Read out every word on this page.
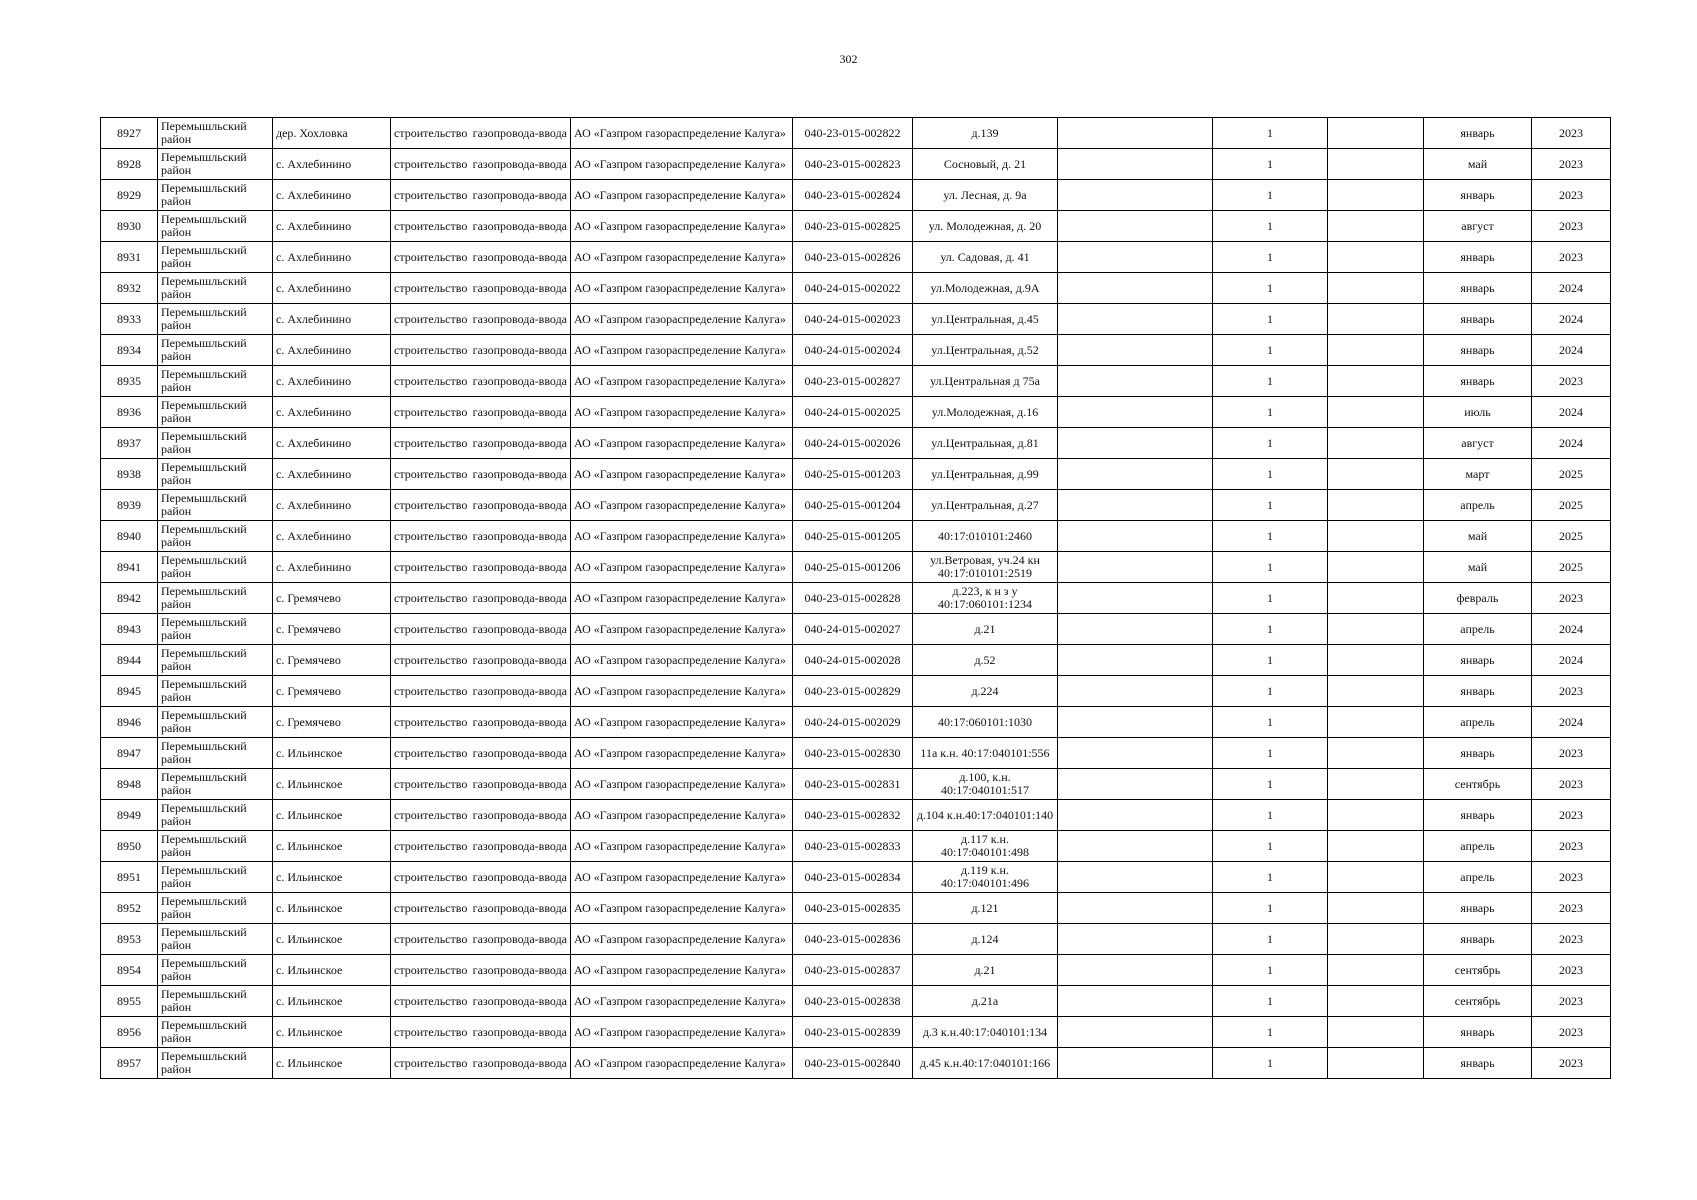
302
8927	Перемышльский район	дер. Хохловка	строительство газопровода-ввода	АО «Газпром газораспределение Калуга»	040-23-015-002822	д.139		1		январь	2023
8928	Перемышльский район	с. Ахлебинино	строительство газопровода-ввода	АО «Газпром газораспределение Калуга»	040-23-015-002823	Сосновый, д. 21		1		май	2023
8929	Перемышльский район	с. Ахлебинино	строительство газопровода-ввода	АО «Газпром газораспределение Калуга»	040-23-015-002824	ул. Лесная, д. 9а		1		январь	2023
8930	Перемышльский район	с. Ахлебинино	строительство газопровода-ввода	АО «Газпром газораспределение Калуга»	040-23-015-002825	ул. Молодежная, д. 20		1		август	2023
8931	Перемышльский район	с. Ахлебинино	строительство газопровода-ввода	АО «Газпром газораспределение Калуга»	040-23-015-002826	ул. Садовая, д. 41		1		январь	2023
8932	Перемышльский район	с. Ахлебинино	строительство газопровода-ввода	АО «Газпром газораспределение Калуга»	040-24-015-002022	ул.Молодежная, д.9А		1		январь	2024
8933	Перемышльский район	с. Ахлебинино	строительство газопровода-ввода	АО «Газпром газораспределение Калуга»	040-24-015-002023	ул.Центральная, д.45		1		январь	2024
8934	Перемышльский район	с. Ахлебинино	строительство газопровода-ввода	АО «Газпром газораспределение Калуга»	040-24-015-002024	ул.Центральная, д.52		1		январь	2024
8935	Перемышльский район	с. Ахлебинино	строительство газопровода-ввода	АО «Газпром газораспределение Калуга»	040-23-015-002827	ул.Центральная д 75а		1		январь	2023
8936	Перемышльский район	с. Ахлебинино	строительство газопровода-ввода	АО «Газпром газораспределение Калуга»	040-24-015-002025	ул.Молодежная, д.16		1		июль	2024
8937	Перемышльский район	с. Ахлебинино	строительство газопровода-ввода	АО «Газпром газораспределение Калуга»	040-24-015-002026	ул.Центральная, д.81		1		август	2024
8938	Перемышльский район	с. Ахлебинино	строительство газопровода-ввода	АО «Газпром газораспределение Калуга»	040-25-015-001203	ул.Центральная, д.99		1		март	2025
8939	Перемышльский район	с. Ахлебинино	строительство газопровода-ввода	АО «Газпром газораспределение Калуга»	040-25-015-001204	ул.Центральная, д.27		1		апрель	2025
8940	Перемышльский район	с. Ахлебинино	строительство газопровода-ввода	АО «Газпром газораспределение Калуга»	040-25-015-001205	40:17:010101:2460		1		май	2025
8941	Перемышльский район	с. Ахлебинино	строительство газопровода-ввода	АО «Газпром газораспределение Калуга»	040-25-015-001206	ул.Ветровая, уч.24 кн 40:17:010101:2519		1		май	2025
8942	Перемышльский район	с. Гремячево	строительство газопровода-ввода	АО «Газпром газораспределение Калуга»	040-23-015-002828	д.223, к н з у 40:17:060101:1234		1		февраль	2023
8943	Перемышльский район	с. Гремячево	строительство газопровода-ввода	АО «Газпром газораспределение Калуга»	040-24-015-002027	д.21		1		апрель	2024
8944	Перемышльский район	с. Гремячево	строительство газопровода-ввода	АО «Газпром газораспределение Калуга»	040-24-015-002028	д.52		1		январь	2024
8945	Перемышльский район	с. Гремячево	строительство газопровода-ввода	АО «Газпром газораспределение Калуга»	040-23-015-002829	д.224		1		январь	2023
8946	Перемышльский район	с. Гремячево	строительство газопровода-ввода	АО «Газпром газораспределение Калуга»	040-24-015-002029	40:17:060101:1030		1		апрель	2024
8947	Перемышльский район	с. Ильинское	строительство газопровода-ввода	АО «Газпром газораспределение Калуга»	040-23-015-002830	11а к.н. 40:17:040101:556		1		январь	2023
8948	Перемышльский район	с. Ильинское	строительство газопровода-ввода	АО «Газпром газораспределение Калуга»	040-23-015-002831	д.100, к.н. 40:17:040101:517		1		сентябрь	2023
8949	Перемышльский район	с. Ильинское	строительство газопровода-ввода	АО «Газпром газораспределение Калуга»	040-23-015-002832	д.104 к.н.40:17:040101:140		1		январь	2023
8950	Перемышльский район	с. Ильинское	строительство газопровода-ввода	АО «Газпром газораспределение Калуга»	040-23-015-002833	д.117 к.н. 40:17:040101:498		1		апрель	2023
8951	Перемышльский район	с. Ильинское	строительство газопровода-ввода	АО «Газпром газораспределение Калуга»	040-23-015-002834	д.119 к.н. 40:17:040101:496		1		апрель	2023
8952	Перемышльский район	с. Ильинское	строительство газопровода-ввода	АО «Газпром газораспределение Калуга»	040-23-015-002835	д.121		1		январь	2023
8953	Перемышльский район	с. Ильинское	строительство газопровода-ввода	АО «Газпром газораспределение Калуга»	040-23-015-002836	д.124		1		январь	2023
8954	Перемышльский район	с. Ильинское	строительство газопровода-ввода	АО «Газпром газораспределение Калуга»	040-23-015-002837	д.21		1		сентябрь	2023
8955	Перемышльский район	с. Ильинское	строительство газопровода-ввода	АО «Газпром газораспределение Калуга»	040-23-015-002838	д.21а		1		сентябрь	2023
8956	Перемышльский район	с. Ильинское	строительство газопровода-ввода	АО «Газпром газораспределение Калуга»	040-23-015-002839	д.3 к.н.40:17:040101:134		1		январь	2023
8957	Перемышльский район	с. Ильинское	строительство газопровода-ввода	АО «Газпром газораспределение Калуга»	040-23-015-002840	д.45 к.н.40:17:040101:166		1		январь	2023
